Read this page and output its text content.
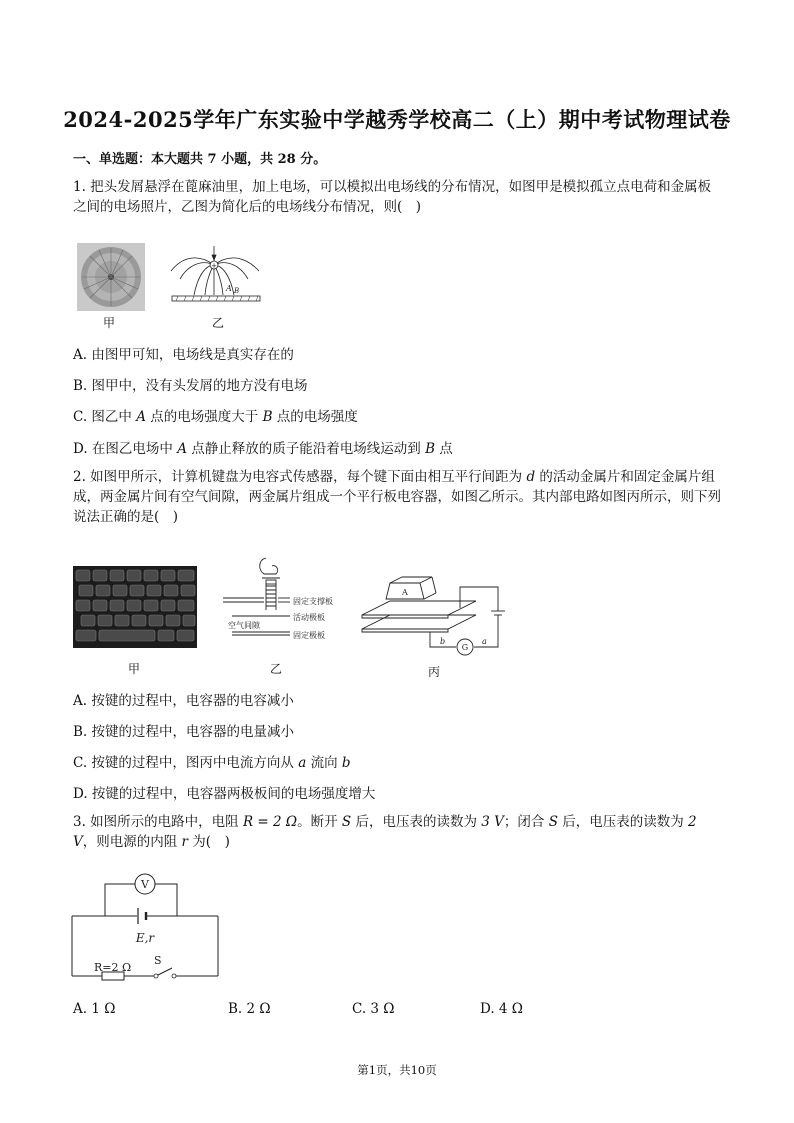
2024-2025学年广东实验中学越秀学校高二（上）期中考试物理试卷
一、单选题：本大题共 7 小题，共 28 分。
1. 把头发屑悬浮在蓖麻油里，加上电场，可以模拟出电场线的分布情况，如图甲是模拟孤立点电荷和金属板之间的电场照片，乙图为简化后的电场线分布情况，则(　)
甲
+
A B
乙
A. 由图甲可知，电场线是真实存在的
B. 图甲中，没有头发屑的地方没有电场
C. 图乙中 A 点的电场强度大于 B 点的电场强度
D. 在图乙电场中 A 点静止释放的质子能沿着电场线运动到 B 点
2. 如图甲所示，计算机键盘为电容式传感器，每个键下面由相互平行间距为 d 的活动金属片和固定金属片组成，两金属片间有空气间隙，两金属片组成一个平行板电容器，如图乙所示。其内部电路如图丙所示，则下列说法正确的是(　)
甲
固定支撑板
活动极板
空气间隙
固定极板
乙
G
A
b	a
丙
A. 按键的过程中，电容器的电容减小
B. 按键的过程中，电容器的电量减小
C. 按键的过程中，图丙中电流方向从 a 流向 b
D. 按键的过程中，电容器两极板间的电场强度增大
3. 如图所示的电路中，电阻 R = 2 Ω。断开 S 后，电压表的读数为 3 V；闭合 S 后，电压表的读数为 2 V，则电源的内阻 r 为(　)
V
E,r
R=2 Ω
S
A. 1 Ω	B. 2 Ω	C. 3 Ω	D. 4 Ω
第1页，共10页
